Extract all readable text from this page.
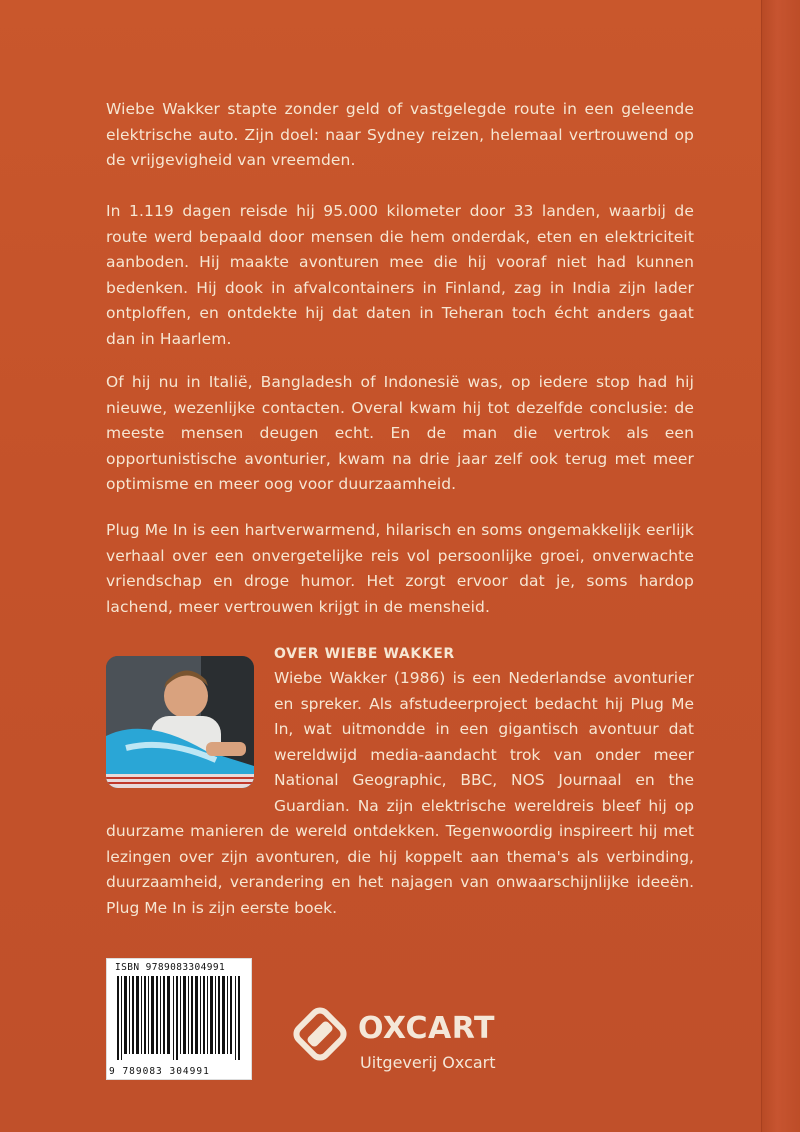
Wiebe Wakker stapte zonder geld of vastgelegde route in een geleende elektrische auto. Zijn doel: naar Sydney reizen, helemaal vertrouwend op de vrijgevigheid van vreemden.

In 1.119 dagen reisde hij 95.000 kilometer door 33 landen, waarbij de route werd bepaald door mensen die hem onderdak, eten en elektriciteit aanboden. Hij maakte avonturen mee die hij vooraf niet had kunnen bedenken. Hij dook in afvalcontainers in Finland, zag in India zijn lader ontploffen, en ontdekte hij dat daten in Teheran toch écht anders gaat dan in Haarlem.

Of hij nu in Italië, Bangladesh of Indonesië was, op iedere stop had hij nieuwe, wezenlijke contacten. Overal kwam hij tot dezelfde conclusie: de meeste mensen deugen echt. En de man die vertrok als een opportunistische avonturier, kwam na drie jaar zelf ook terug met meer optimisme en meer oog voor duurzaamheid.

Plug Me In is een hartverwarmend, hilarisch en soms ongemakkelijk eerlijk verhaal over een onvergetelijke reis vol persoonlijke groei, onverwachte vriendschap en droge humor. Het zorgt ervoor dat je, soms hardop lachend, meer vertrouwen krijgt in de mensheid.

OVER WIEBE WAKKER

Wiebe Wakker (1986) is een Nederlandse avonturier en spreker. Als afstudeerproject bedacht hij Plug Me In, wat uitmondde in een gigantisch avontuur dat wereldwijd media-aandacht trok van onder meer National Geographic, BBC, NOS Journaal en the Guardian. Na zijn elektrische wereldreis bleef hij op duurzame manieren de wereld ontdekken. Tegenwoordig inspireert hij met lezingen over zijn avonturen, die hij koppelt aan thema's als verbinding, duurzaamheid, verandering en het najagen van onwaarschijnlijke ideeën. Plug Me In is zijn eerste boek.

ISBN 9789083304991
9 789083 304991
OXCART
Uitgeverij Oxcart
